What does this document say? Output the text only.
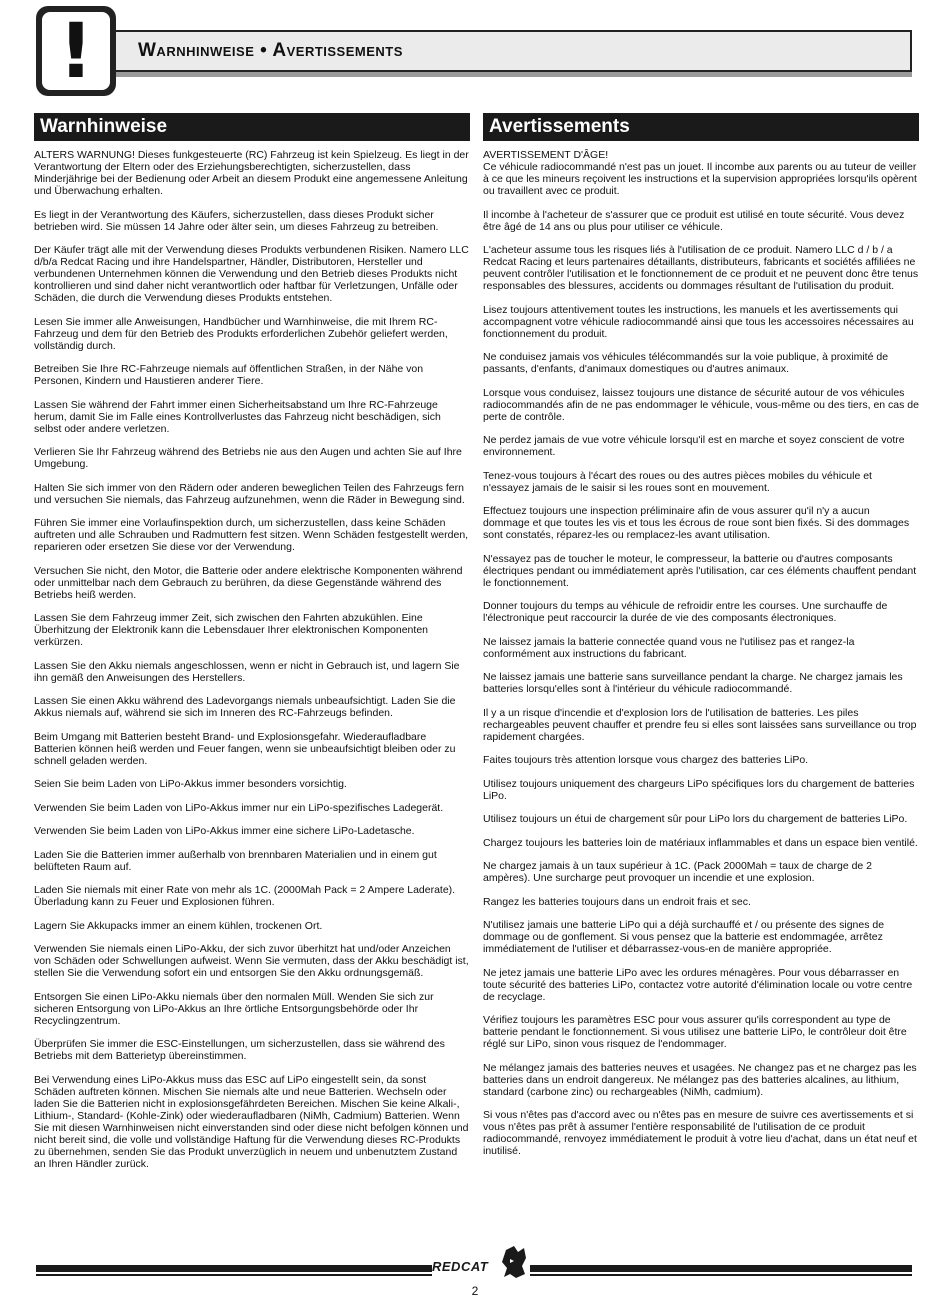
! Warnhinweise • Avertissements
Warnhinweise

ALTERS WARNUNG! Dieses funkgesteuerte (RC) Fahrzeug ist kein Spielzeug. Es liegt in der Verantwortung der Eltern oder des Erziehungsberechtigten, sicherzustellen, dass Minderjährige bei der Bedienung oder Arbeit an diesem Produkt eine angemessene Anleitung und Überwachung erhalten.

Es liegt in der Verantwortung des Käufers, sicherzustellen, dass dieses Produkt sicher betrieben wird. Sie müssen 14 Jahre oder älter sein, um dieses Fahrzeug zu betreiben.

Der Käufer trägt alle mit der Verwendung dieses Produkts verbundenen Risiken. Namero LLC d/b/a Redcat Racing und ihre Handelspartner, Händler, Distributoren, Hersteller und verbundenen Unternehmen können die Verwendung und den Betrieb dieses Produkts nicht kontrollieren und sind daher nicht verantwortlich oder haftbar für Verletzungen, Unfälle oder Schäden, die durch die Verwendung dieses Produkts entstehen.

Lesen Sie immer alle Anweisungen, Handbücher und Warnhinweise, die mit Ihrem RC-Fahrzeug und dem für den Betrieb des Produkts erforderlichen Zubehör geliefert werden, vollständig durch.

Betreiben Sie Ihre RC-Fahrzeuge niemals auf öffentlichen Straßen, in der Nähe von Personen, Kindern und Haustieren anderer Tiere.

Lassen Sie während der Fahrt immer einen Sicherheitsabstand um Ihre RC-Fahrzeuge herum, damit Sie im Falle eines Kontrollverlustes das Fahrzeug nicht beschädigen, sich selbst oder andere verletzen.

Verlieren Sie Ihr Fahrzeug während des Betriebs nie aus den Augen und achten Sie auf Ihre Umgebung.

Halten Sie sich immer von den Rädern oder anderen beweglichen Teilen des Fahrzeugs fern und versuchen Sie niemals, das Fahrzeug aufzunehmen, wenn die Räder in Bewegung sind.

Führen Sie immer eine Vorlaufinspektion durch, um sicherzustellen, dass keine Schäden auftreten und alle Schrauben und Radmuttern fest sitzen. Wenn Schäden festgestellt werden, reparieren oder ersetzen Sie diese vor der Verwendung.

Versuchen Sie nicht, den Motor, die Batterie oder andere elektrische Komponenten während oder unmittelbar nach dem Gebrauch zu berühren, da diese Gegenstände während des Betriebs heiß werden.

Lassen Sie dem Fahrzeug immer Zeit, sich zwischen den Fahrten abzukühlen. Eine Überhitzung der Elektronik kann die Lebensdauer Ihrer elektronischen Komponenten verkürzen.

Lassen Sie den Akku niemals angeschlossen, wenn er nicht in Gebrauch ist, und lagern Sie ihn gemäß den Anweisungen des Herstellers.

Lassen Sie einen Akku während des Ladevorgangs niemals unbeaufsichtigt. Laden Sie die Akkus niemals auf, während sie sich im Inneren des RC-Fahrzeugs befinden.

Beim Umgang mit Batterien besteht Brand- und Explosionsgefahr. Wiederaufladbare Batterien können heiß werden und Feuer fangen, wenn sie unbeaufsichtigt bleiben oder zu schnell geladen werden.

Seien Sie beim Laden von LiPo-Akkus immer besonders vorsichtig.

Verwenden Sie beim Laden von LiPo-Akkus immer nur ein LiPo-spezifisches Ladegerät.

Verwenden Sie beim Laden von LiPo-Akkus immer eine sichere LiPo-Ladetasche.

Laden Sie die Batterien immer außerhalb von brennbaren Materialien und in einem gut belüfteten Raum auf.

Laden Sie niemals mit einer Rate von mehr als 1C. (2000Mah Pack = 2 Ampere Laderate). Überladung kann zu Feuer und Explosionen führen.

Lagern Sie Akkupacks immer an einem kühlen, trockenen Ort.

Verwenden Sie niemals einen LiPo-Akku, der sich zuvor überhitzt hat und/oder Anzeichen von Schäden oder Schwellungen aufweist. Wenn Sie vermuten, dass der Akku beschädigt ist, stellen Sie die Verwendung sofort ein und entsorgen Sie den Akku ordnungsgemäß.

Entsorgen Sie einen LiPo-Akku niemals über den normalen Müll. Wenden Sie sich zur sicheren Entsorgung von LiPo-Akkus an Ihre örtliche Entsorgungsbehörde oder Ihr Recyclingzentrum.

Überprüfen Sie immer die ESC-Einstellungen, um sicherzustellen, dass sie während des Betriebs mit dem Batterietyp übereinstimmen.

Bei Verwendung eines LiPo-Akkus muss das ESC auf LiPo eingestellt sein, da sonst Schäden auftreten können. Mischen Sie niemals alte und neue Batterien. Wechseln oder laden Sie die Batterien nicht in explosionsgefährdeten Bereichen. Mischen Sie keine Alkali-, Lithium-, Standard- (Kohle-Zink) oder wiederaufladbaren (NiMh, Cadmium) Batterien. Wenn Sie mit diesen Warnhinweisen nicht einverstanden sind oder diese nicht befolgen können und nicht bereit sind, die volle und vollständige Haftung für die Verwendung dieses RC-Produkts zu übernehmen, senden Sie das Produkt unverzüglich in neuem und unbenutztem Zustand an Ihren Händler zurück.

Avertissements

AVERTISSEMENT D'ÂGE!
Ce véhicule radiocommandé n'est pas un jouet. Il incombe aux parents ou au tuteur de veiller à ce que les mineurs reçoivent les instructions et la supervision appropriées lorsqu'ils opèrent ou travaillent avec ce produit.

Il incombe à l'acheteur de s'assurer que ce produit est utilisé en toute sécurité. Vous devez être âgé de 14 ans ou plus pour utiliser ce véhicule.

L'acheteur assume tous les risques liés à l'utilisation de ce produit. Namero LLC d / b / a Redcat Racing et leurs partenaires détaillants, distributeurs, fabricants et sociétés affiliées ne peuvent contrôler l'utilisation et le fonctionnement de ce produit et ne peuvent donc être tenus responsables des blessures, accidents ou dommages résultant de l'utilisation du produit.

Lisez toujours attentivement toutes les instructions, les manuels et les avertissements qui accompagnent votre véhicule radiocommandé ainsi que tous les accessoires nécessaires au fonctionnement du produit.

Ne conduisez jamais vos véhicules télécommandés sur la voie publique, à proximité de passants, d'enfants, d'animaux domestiques ou d'autres animaux.

Lorsque vous conduisez, laissez toujours une distance de sécurité autour de vos véhicules radiocommandés afin de ne pas endommager le véhicule, vous-même ou des tiers, en cas de perte de contrôle.

Ne perdez jamais de vue votre véhicule lorsqu'il est en marche et soyez conscient de votre environnement.

Tenez-vous toujours à l'écart des roues ou des autres pièces mobiles du véhicule et n'essayez jamais de le saisir si les roues sont en mouvement.

Effectuez toujours une inspection préliminaire afin de vous assurer qu'il n'y a aucun dommage et que toutes les vis et tous les écrous de roue sont bien fixés. Si des dommages sont constatés, réparez-les ou remplacez-les avant utilisation.

N'essayez pas de toucher le moteur, le compresseur, la batterie ou d'autres composants électriques pendant ou immédiatement après l'utilisation, car ces éléments chauffent pendant le fonctionnement.

Donner toujours du temps au véhicule de refroidir entre les courses. Une surchauffe de l'électronique peut raccourcir la durée de vie des composants électroniques.

Ne laissez jamais la batterie connectée quand vous ne l'utilisez pas et rangez-la conformément aux instructions du fabricant.

Ne laissez jamais une batterie sans surveillance pendant la charge. Ne chargez jamais les batteries lorsqu'elles sont à l'intérieur du véhicule radiocommandé.

Il y a un risque d'incendie et d'explosion lors de l'utilisation de batteries. Les piles rechargeables peuvent chauffer et prendre feu si elles sont laissées sans surveillance ou trop rapidement chargées.

Faites toujours très attention lorsque vous chargez des batteries LiPo.

Utilisez toujours uniquement des chargeurs LiPo spécifiques lors du chargement de batteries LiPo.

Utilisez toujours un étui de chargement sûr pour LiPo lors du chargement de batteries LiPo.

Chargez toujours les batteries loin de matériaux inflammables et dans un espace bien ventilé.

Ne chargez jamais à un taux supérieur à 1C. (Pack 2000Mah = taux de charge de 2 ampères). Une surcharge peut provoquer un incendie et une explosion.

Rangez les batteries toujours dans un endroit frais et sec.

N'utilisez jamais une batterie LiPo qui a déjà surchauffé et / ou présente des signes de dommage ou de gonflement. Si vous pensez que la batterie est endommagée, arrêtez immédiatement de l'utiliser et débarrassez-vous-en de manière appropriée.

Ne jetez jamais une batterie LiPo avec les ordures ménagères. Pour vous débarrasser en toute sécurité des batteries LiPo, contactez votre autorité d'élimination locale ou votre centre de recyclage.

Vérifiez toujours les paramètres ESC pour vous assurer qu'ils correspondent au type de batterie pendant le fonctionnement. Si vous utilisez une batterie LiPo, le contrôleur doit être réglé sur LiPo, sinon vous risquez de l'endommager.

Ne mélangez jamais des batteries neuves et usagées. Ne changez pas et ne chargez pas les batteries dans un endroit dangereux. Ne mélangez pas des batteries alcalines, au lithium, standard (carbone zinc) ou rechargeables (NiMh, cadmium).

Si vous n'êtes pas d'accord avec ou n'êtes pas en mesure de suivre ces avertissements et si vous n'êtes pas prêt à assumer l'entière responsabilité de l'utilisation de ce produit radiocommandé, renvoyez immédiatement le produit à votre lieu d'achat, dans un état neuf et inutilisé.

REDCAT
2
